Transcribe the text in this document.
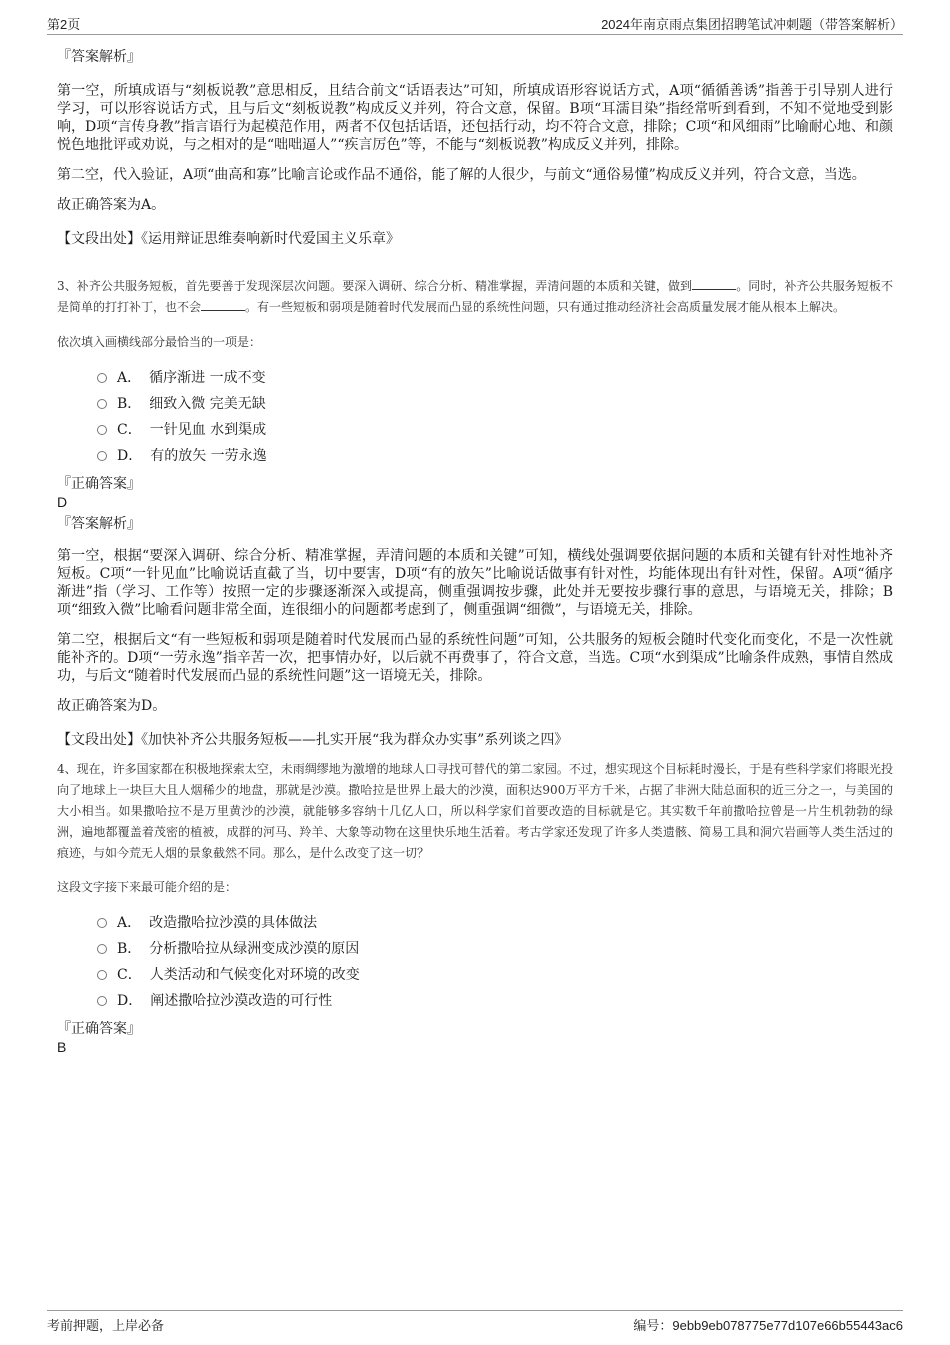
第2页	2024年南京雨点集团招聘笔试冲刺题（带答案解析）

『答案解析』

第一空，所填成语与“刻板说教”意思相反，且结合前文“话语表达”可知，所填成语形容说话方式，A项“循循善诱”指善于引导别人进行学习，可以形容说话方式，且与后文“刻板说教”构成反义并列，符合文意，保留。B项“耳濡目染”指经常听到看到，不知不觉地受到影响，D项“言传身教”指言语行为起模范作用，两者不仅包括话语，还包括行动，均不符合文意，排除；C项“和风细雨”比喻耐心地、和颜悦色地批评或劝说，与之相对的是“咄咄逼人”“疾言厉色”等，不能与“刻板说教”构成反义并列，排除。

第二空，代入验证，A项“曲高和寡”比喻言论或作品不通俗，能了解的人很少，与前文“通俗易懂”构成反义并列，符合文意，当选。

故正确答案为A。

【文段出处】《运用辩证思维奏响新时代爱国主义乐章》

3、补齐公共服务短板，首先要善于发现深层次问题。要深入调研、综合分析、精准掌握，弄清问题的本质和关键，做到	。同时，补齐公共服务短板不是简单的打打补丁，也不会	。有一些短板和弱项是随着时代发展而凸显的系统性问题，只有通过推动经济社会高质量发展才能从根本上解决。

依次填入画横线部分最恰当的一项是：

A． 循序渐进 一成不变
B． 细致入微 完美无缺
C． 一针见血 水到渠成
D． 有的放矢 一劳永逸

『正确答案』

D

『答案解析』

第一空，根据“要深入调研、综合分析、精准掌握，弄清问题的本质和关键”可知，横线处强调要依据问题的本质和关键有针对性地补齐短板。C项“一针见血”比喻说话直截了当，切中要害，D项“有的放矢”比喻说话做事有针对性，均能体现出有针对性，保留。A项“循序渐进”指（学习、工作等）按照一定的步骤逐渐深入或提高，侧重强调按步骤，此处并无要按步骤行事的意思，与语境无关，排除；B项“细致入微”比喻看问题非常全面，连很细小的问题都考虑到了，侧重强调“细微”，与语境无关，排除。

第二空，根据后文“有一些短板和弱项是随着时代发展而凸显的系统性问题”可知，公共服务的短板会随时代变化而变化，不是一次性就能补齐的。D项“一劳永逸”指辛苦一次，把事情办好，以后就不再费事了，符合文意，当选。C项“水到渠成”比喻条件成熟，事情自然成功，与后文“随着时代发展而凸显的系统性问题”这一语境无关，排除。

故正确答案为D。

【文段出处】《加快补齐公共服务短板——扎实开展“我为群众办实事”系列谈之四》

4、现在，许多国家都在积极地探索太空，未雨绸缪地为激增的地球人口寻找可替代的第二家园。不过，想实现这个目标耗时漫长，于是有些科学家们将眼光投向了地球上一块巨大且人烟稀少的地盘，那就是沙漠。撒哈拉是世界上最大的沙漠，面积达900万平方千米，占据了非洲大陆总面积的近三分之一，与美国的大小相当。如果撒哈拉不是万里黄沙的沙漠，就能够多容纳十几亿人口，所以科学家们首要改造的目标就是它。其实数千年前撒哈拉曾是一片生机勃勃的绿洲，遍地都覆盖着茂密的植被，成群的河马、羚羊、大象等动物在这里快乐地生活着。考古学家还发现了许多人类遗骸、简易工具和洞穴岩画等人类生活过的痕迹，与如今荒无人烟的景象截然不同。那么，是什么改变了这一切？

这段文字接下来最可能介绍的是：

A． 改造撒哈拉沙漠的具体做法
B． 分析撒哈拉从绿洲变成沙漠的原因
C． 人类活动和气候变化对环境的改变
D． 阐述撒哈拉沙漠改造的可行性

『正确答案』

B

考前押题，上岸必备	编号：9ebb9eb078775e77d107e66b55443ac6
